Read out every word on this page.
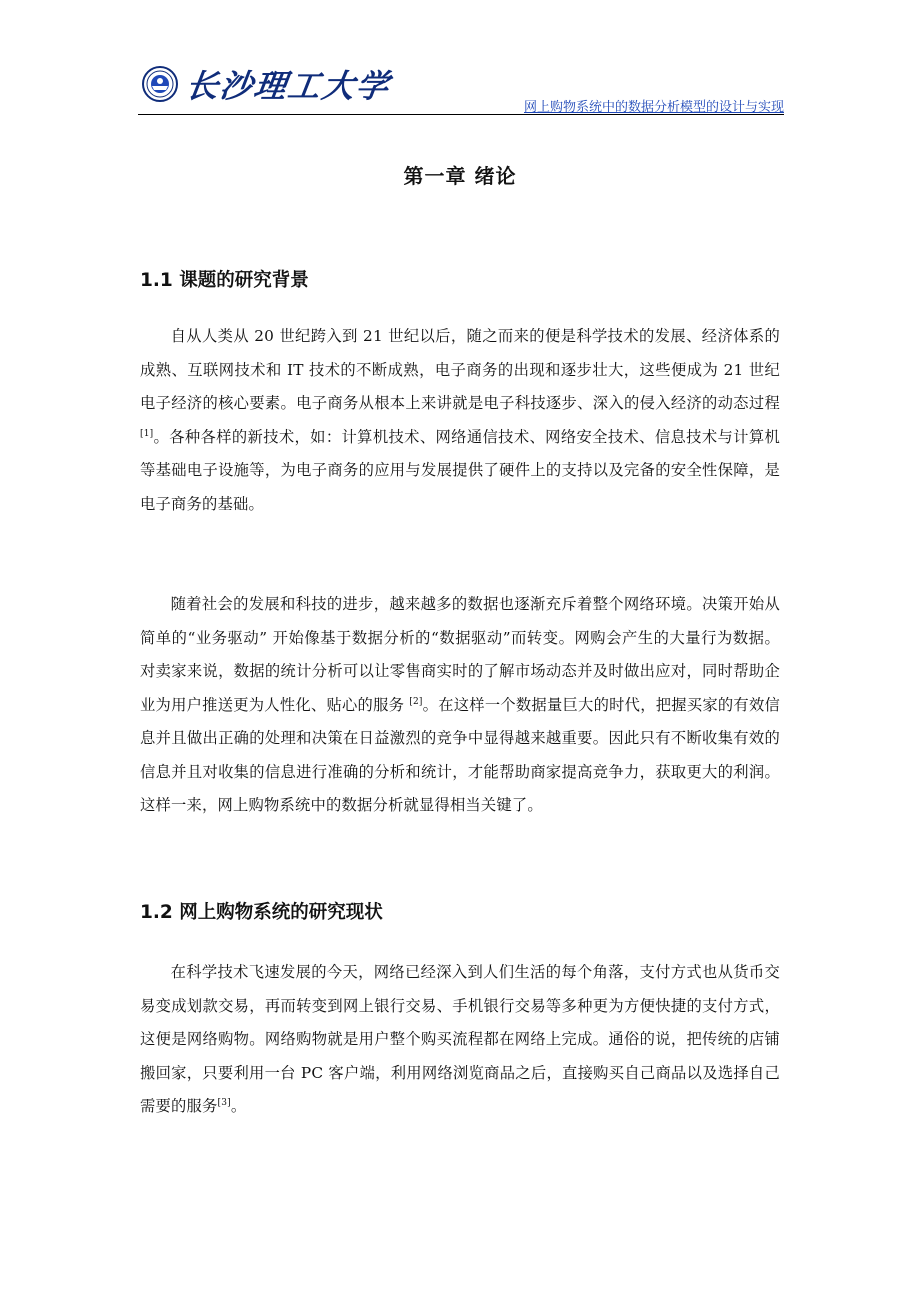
长沙理工大学
网上购物系统中的数据分析模型的设计与实现
第一章 绪论
1.1 课题的研究背景

自从人类从 20 世纪跨入到 21 世纪以后，随之而来的便是科学技术的发展、经济体系的成熟、互联网技术和 IT 技术的不断成熟，电子商务的出现和逐步壮大，这些便成为 21 世纪电子经济的核心要素。电子商务从根本上来讲就是电子科技逐步、深入的侵入经济的动态过程 [1]。各种各样的新技术，如：计算机技术、网络通信技术、网络安全技术、信息技术与计算机等基础电子设施等，为电子商务的应用与发展提供了硬件上的支持以及完备的安全性保障，是电子商务的基础。

随着社会的发展和科技的进步，越来越多的数据也逐渐充斥着整个网络环境。决策开始从简单的“业务驱动” 开始像基于数据分析的“数据驱动”而转变。网购会产生的大量行为数据。对卖家来说，数据的统计分析可以让零售商实时的了解市场动态并及时做出应对，同时帮助企业为用户推送更为人性化、贴心的服务 [2]。在这样一个数据量巨大的时代，把握买家的有效信息并且做出正确的处理和决策在日益激烈的竞争中显得越来越重要。因此只有不断收集有效的信息并且对收集的信息进行准确的分析和统计，才能帮助商家提高竞争力，获取更大的利润。这样一来，网上购物系统中的数据分析就显得相当关键了。

1.2 网上购物系统的研究现状

在科学技术飞速发展的今天，网络已经深入到人们生活的每个角落，支付方式也从货币交易变成划款交易，再而转变到网上银行交易、手机银行交易等多种更为方便快捷的支付方式，这便是网络购物。网络购物就是用户整个购买流程都在网络上完成。通俗的说，把传统的店铺搬回家，只要利用一台 PC 客户端，利用网络浏览商品之后，直接购买自己商品以及选择自己需要的服务[3]。
